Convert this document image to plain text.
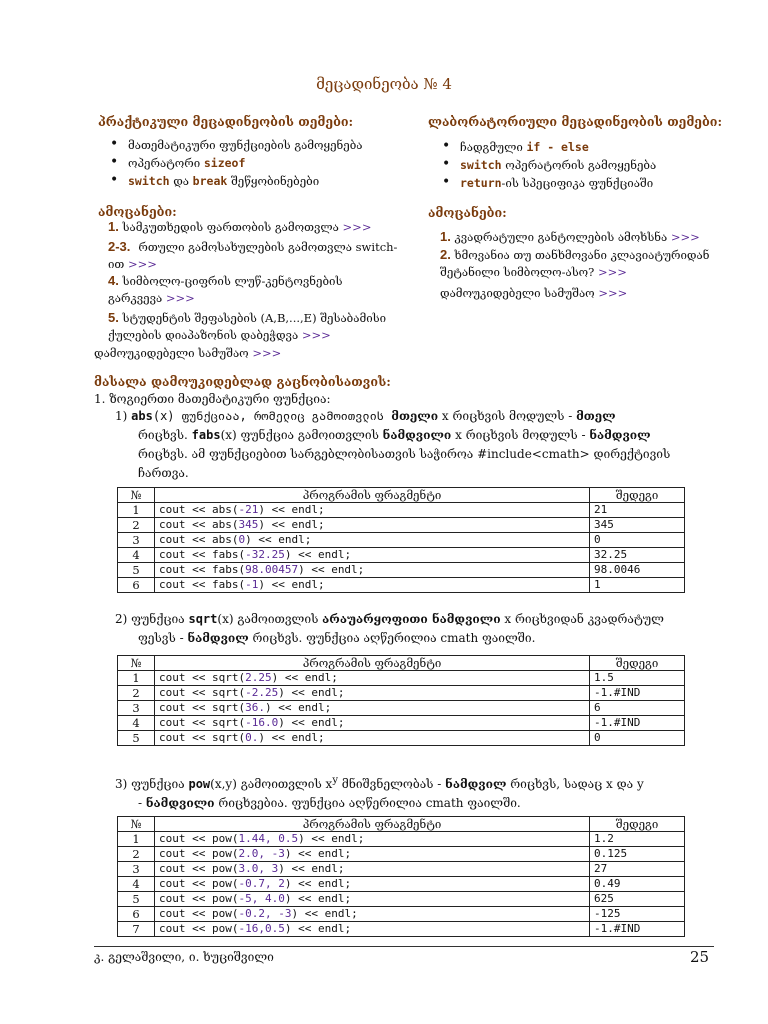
მეცადინეობა № 4
პრაქტიკული მეცადინეობის თემები:
• მათემატიკური ფუნქციების გამოყენება
• ოპერატორი sizeof
• switch და break შეწყობინებები
ამოცანები:
1. სამკუთხედის ფართობის გამოთვლა >>>
2-3. რთული გამოსახულების გამოთვლა switch-ით >>>
4. სიმბოლო-ციფრის ლუწ-კენტოვნების გარკვევა >>>
5. სტუდენტის შეფასების (A,B,...,E) შესაბამისი ქულების დიაპაზონის დაბეჭდვა >>>
დამოუკიდებელი სამუშაო >>>
ლაბორატორიული მეცადინეობის თემები:
• ჩადგმული if - else
• switch ოპერატორის გამოყენება
• return-ის სპეციფიკა ფუნქციაში
ამოცანები:
1. კვადრატული განტოლების ამოხსნა >>>
2. ხმოვანია თუ თანხმოვანი კლავიატურიდან შეტანილი სიმბოლო-ასო? >>>
დამოუკიდებელი სამუშაო >>>
მასალა დამოუკიდებლად გაცნობისათვის:
1. ზოგიერთი მათემატიკური ფუნქცია:
1) abs(x) ფუნქციაა, რომელიც გამოითვლის მთელი x რიცხვის მოდულს - მთელ
რიცხვს. fabs(x) ფუნქცია გამოითვლის ნამდვილი x რიცხვის მოდულს - ნამდვილ
რიცხვს. ამ ფუნქციებით სარგებლობისათვის საჭიროა #include<cmath> დირექტივის
ჩართვა.
№	პროგრამის ფრაგმენტი	შედეგი
1	cout << abs(-21) << endl;	21
2	cout << abs(345) << endl;	345
3	cout << abs(0) << endl;	0
4	cout << fabs(-32.25) << endl;	32.25
5	cout << fabs(98.00457) << endl;	98.0046
6	cout << fabs(-1) << endl;	1
2) ფუნქცია sqrt(x) გამოითვლის არაუარყოფითი ნამდვილი x რიცხვიდან კვადრატულ
ფესვს - ნამდვილ რიცხვს. ფუნქცია აღწერილია cmath ფაილში.
№	პროგრამის ფრაგმენტი	შედეგი
1	cout << sqrt(2.25) << endl;	1.5
2	cout << sqrt(-2.25) << endl;	-1.#IND
3	cout << sqrt(36.) << endl;	6
4	cout << sqrt(-16.0) << endl;	-1.#IND
5	cout << sqrt(0.) << endl;	0
3) ფუნქცია pow(x,y) გამოითვლის $x^y$ მნიშვნელობას - ნამდვილ რიცხვს, სადაც x და y
- ნამდვილი რიცხვებია. ფუნქცია აღწერილია cmath ფაილში.
№	პროგრამის ფრაგმენტი	შედეგი
1	cout << pow(1.44, 0.5) << endl;	1.2
2	cout << pow(2.0, -3) << endl;	0.125
3	cout << pow(3.0, 3) << endl;	27
4	cout << pow(-0.7, 2) << endl;	0.49
5	cout << pow(-5, 4.0) << endl;	625
6	cout << pow(-0.2, -3) << endl;	-125
7	cout << pow(-16,0.5) << endl;	-1.#IND
კ. გელაშვილი, ი. ხუციშვილი	25
